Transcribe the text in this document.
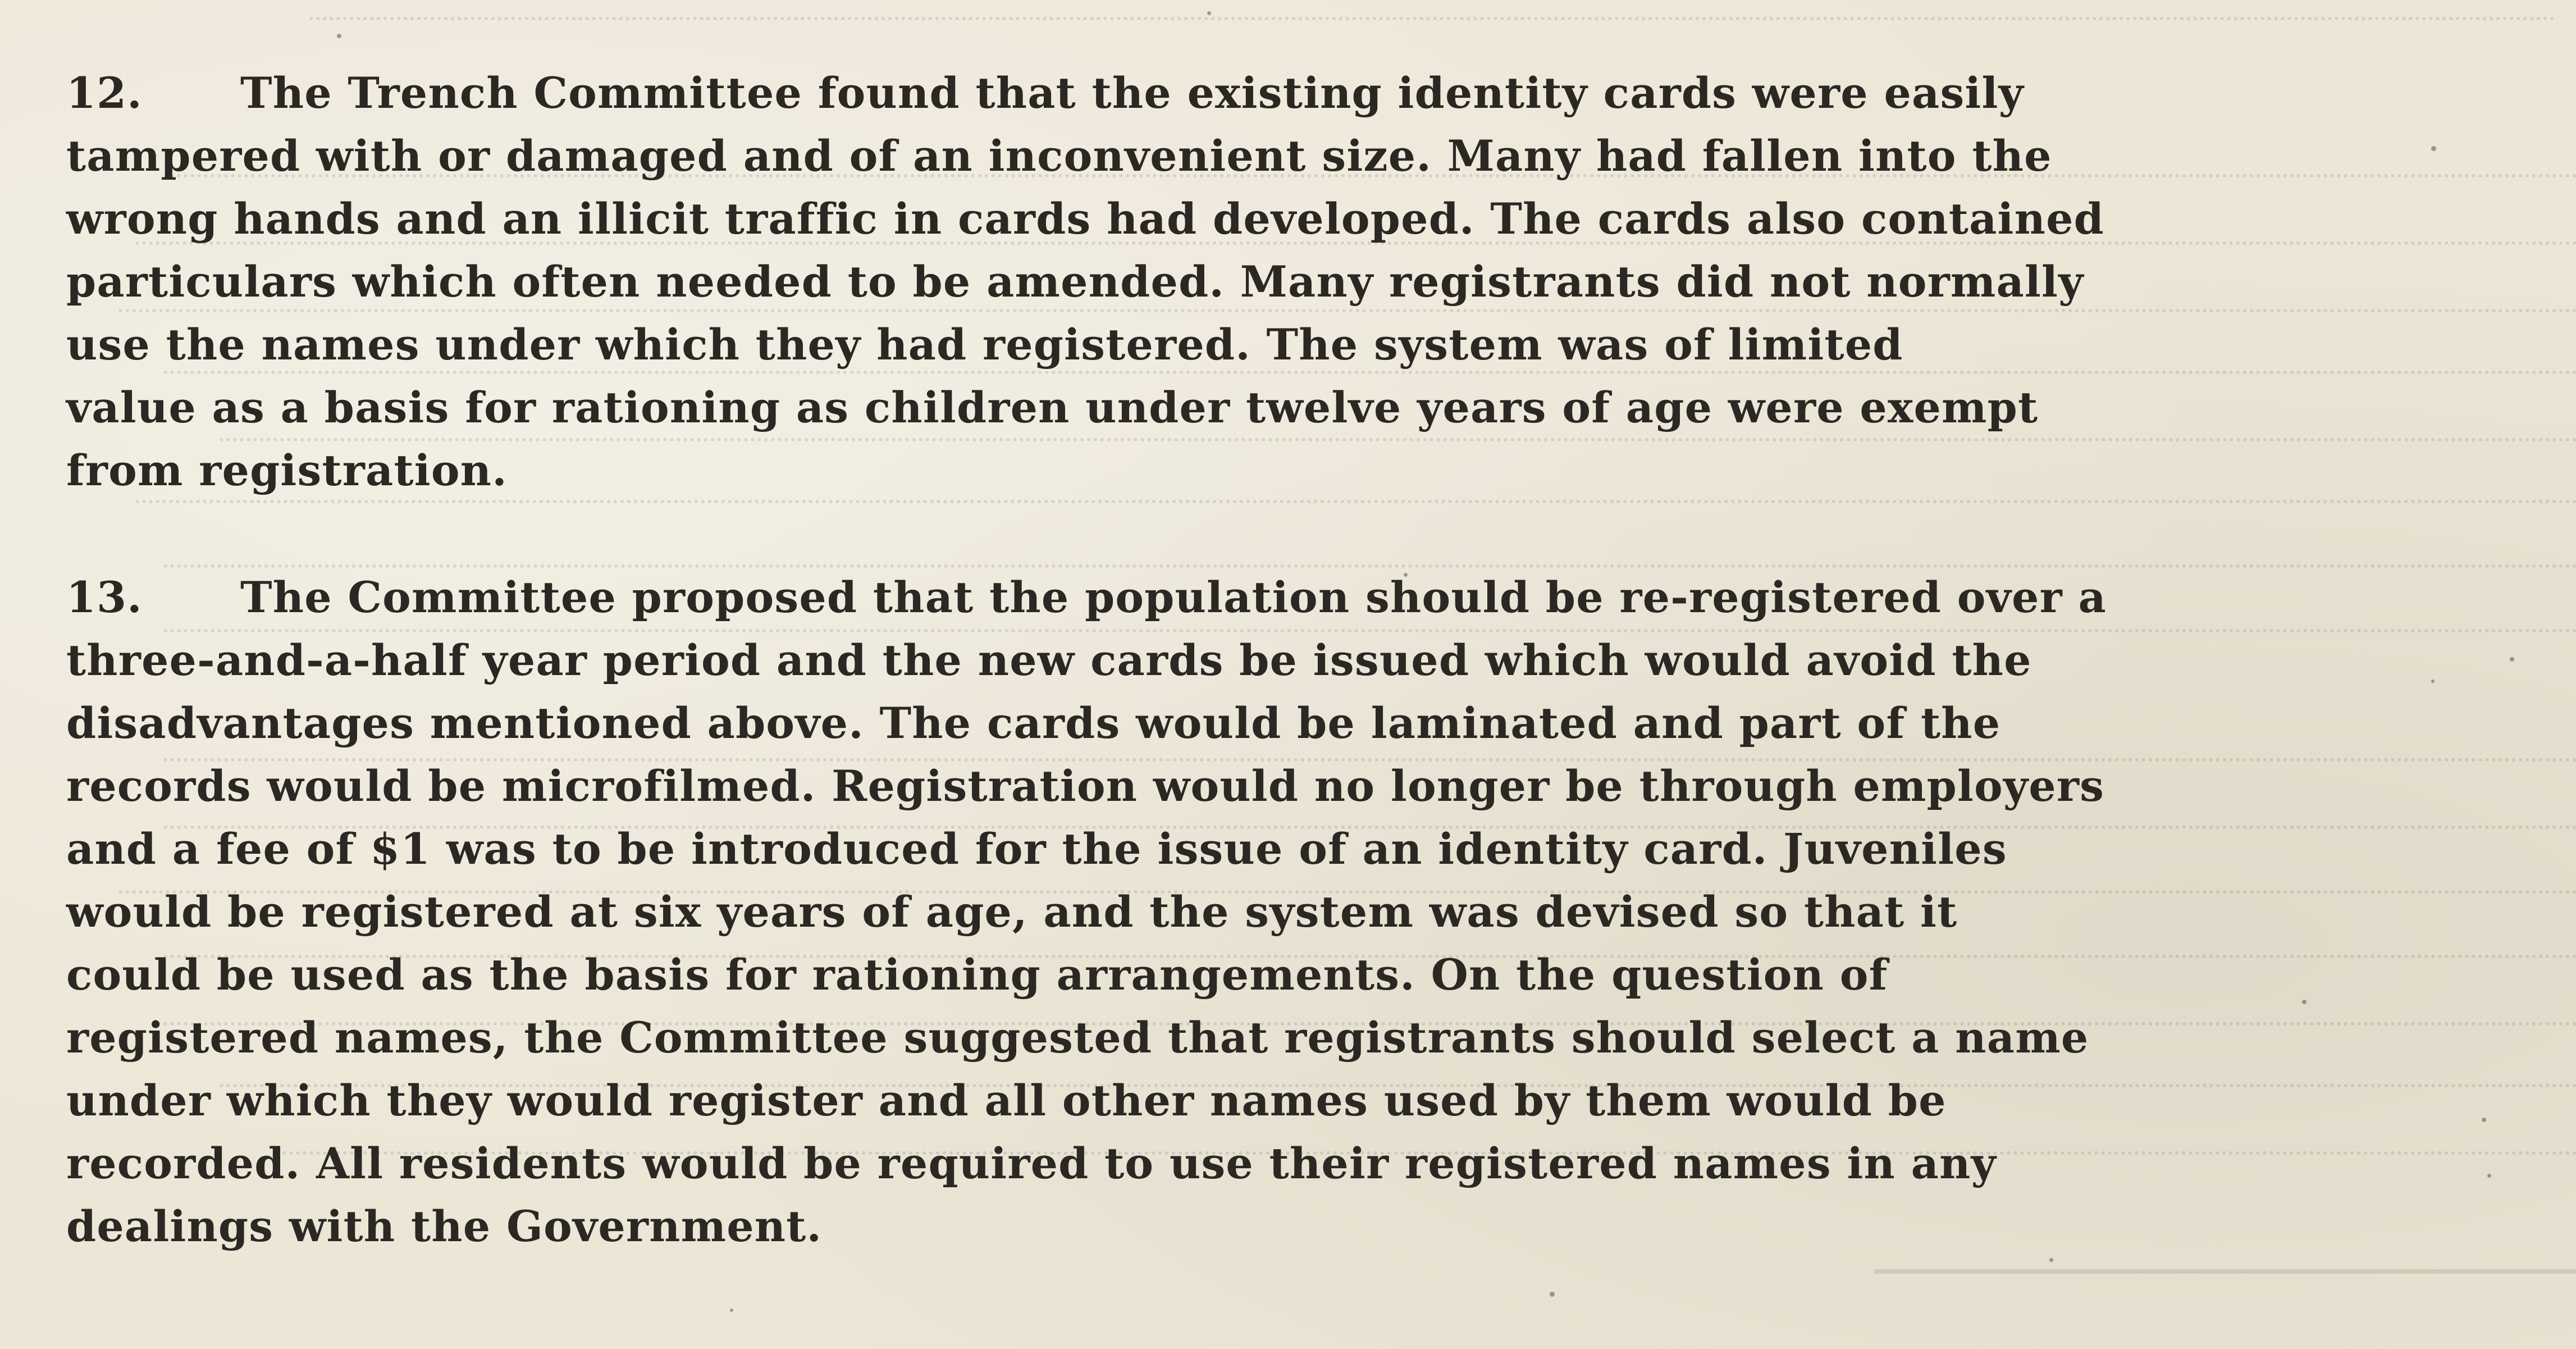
12. The Trench Committee found that the existing identity cards were easily
tampered with or damaged and of an inconvenient size. Many had fallen into the
wrong hands and an illicit traffic in cards had developed. The cards also contained
particulars which often needed to be amended. Many registrants did not normally
use the names under which they had registered. The system was of limited
value as a basis for rationing as children under twelve years of age were exempt
from registration.
13. The Committee proposed that the population should be re-registered over a
three-and-a-half year period and the new cards be issued which would avoid the
disadvantages mentioned above. The cards would be laminated and part of the
records would be microfilmed. Registration would no longer be through employers
and a fee of $1 was to be introduced for the issue of an identity card. Juveniles
would be registered at six years of age, and the system was devised so that it
could be used as the basis for rationing arrangements. On the question of
registered names, the Committee suggested that registrants should select a name
under which they would register and all other names used by them would be
recorded. All residents would be required to use their registered names in any
dealings with the Government.
